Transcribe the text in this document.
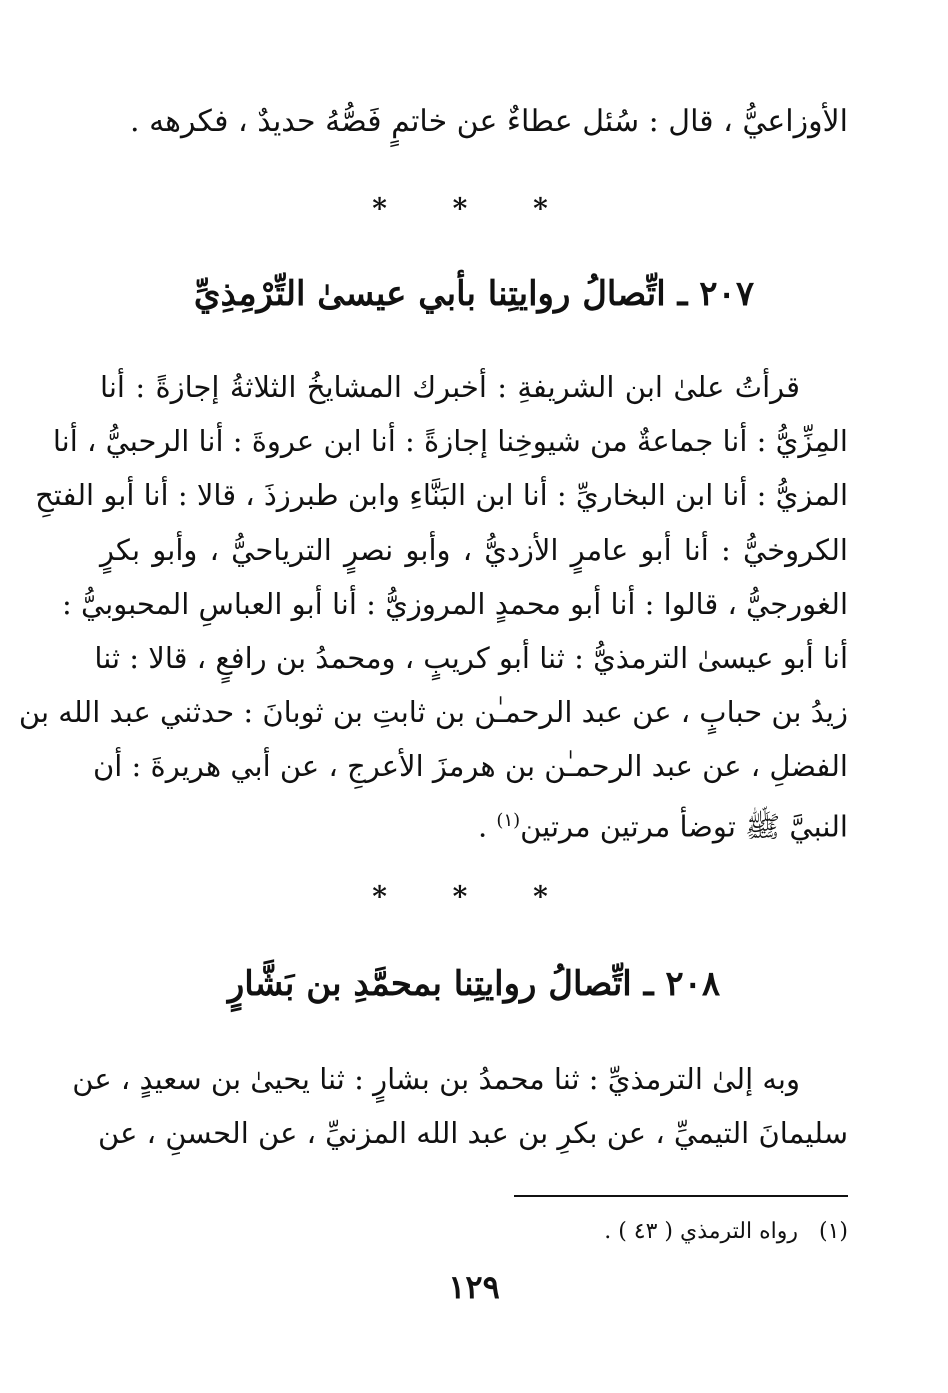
الأوزاعيُّ ، قال : سُئل عطاءٌ عن خاتمٍ فَصُّهُ حديدٌ ، فكرهه .
* * *
٢٠٧ ـ اتِّصالُ روايتِنا بأبي عيسىٰ التِّرْمِذِيِّ
قرأتُ علىٰ ابن الشريفةِ : أخبرك المشايخُ الثلاثةُ إجازةً : أنا
المِزِّيُّ : أنا جماعةٌ من شيوخِنا إجازةً : أنا ابن عروةَ : أنا الرحبيُّ ، أنا
المزيُّ : أنا ابن البخاريِّ : أنا ابن البَنَّاءِ وابن طبرزذَ ، قالا : أنا أبو الفتحِ
الكروخيُّ : أنا أبو عامرٍ الأزديُّ ، وأبو نصرٍ الترياحيُّ ، وأبو بكرٍ
الغورجيُّ ، قالوا : أنا أبو محمدٍ المروزيُّ : أنا أبو العباسِ المحبوبيُّ :
أنا أبو عيسىٰ الترمذيُّ : ثنا أبو كريبٍ ، ومحمدُ بن رافعٍ ، قالا : ثنا
زيدُ بن حبابٍ ، عن عبد الرحمـٰن بن ثابتِ بن ثوبانَ : حدثني عبد الله بن
الفضلِ ، عن عبد الرحمـٰن بن هرمزَ الأعرجِ ، عن أبي هريرةَ : أن
النبيَّ ﷺ توضأ مرتين مرتين$^{(١)}$ .
* * *
٢٠٨ ـ اتِّصالُ روايتِنا بمحمَّدِ بن بَشَّارٍ
وبه إلىٰ الترمذيِّ : ثنا محمدُ بن بشارٍ : ثنا يحيىٰ بن سعيدٍ ، عن
سليمانَ التيميِّ ، عن بكرِ بن عبد الله المزنيِّ ، عن الحسنِ ، عن
(١)   رواه الترمذي ( ٤٣ ) .
١٢٩
